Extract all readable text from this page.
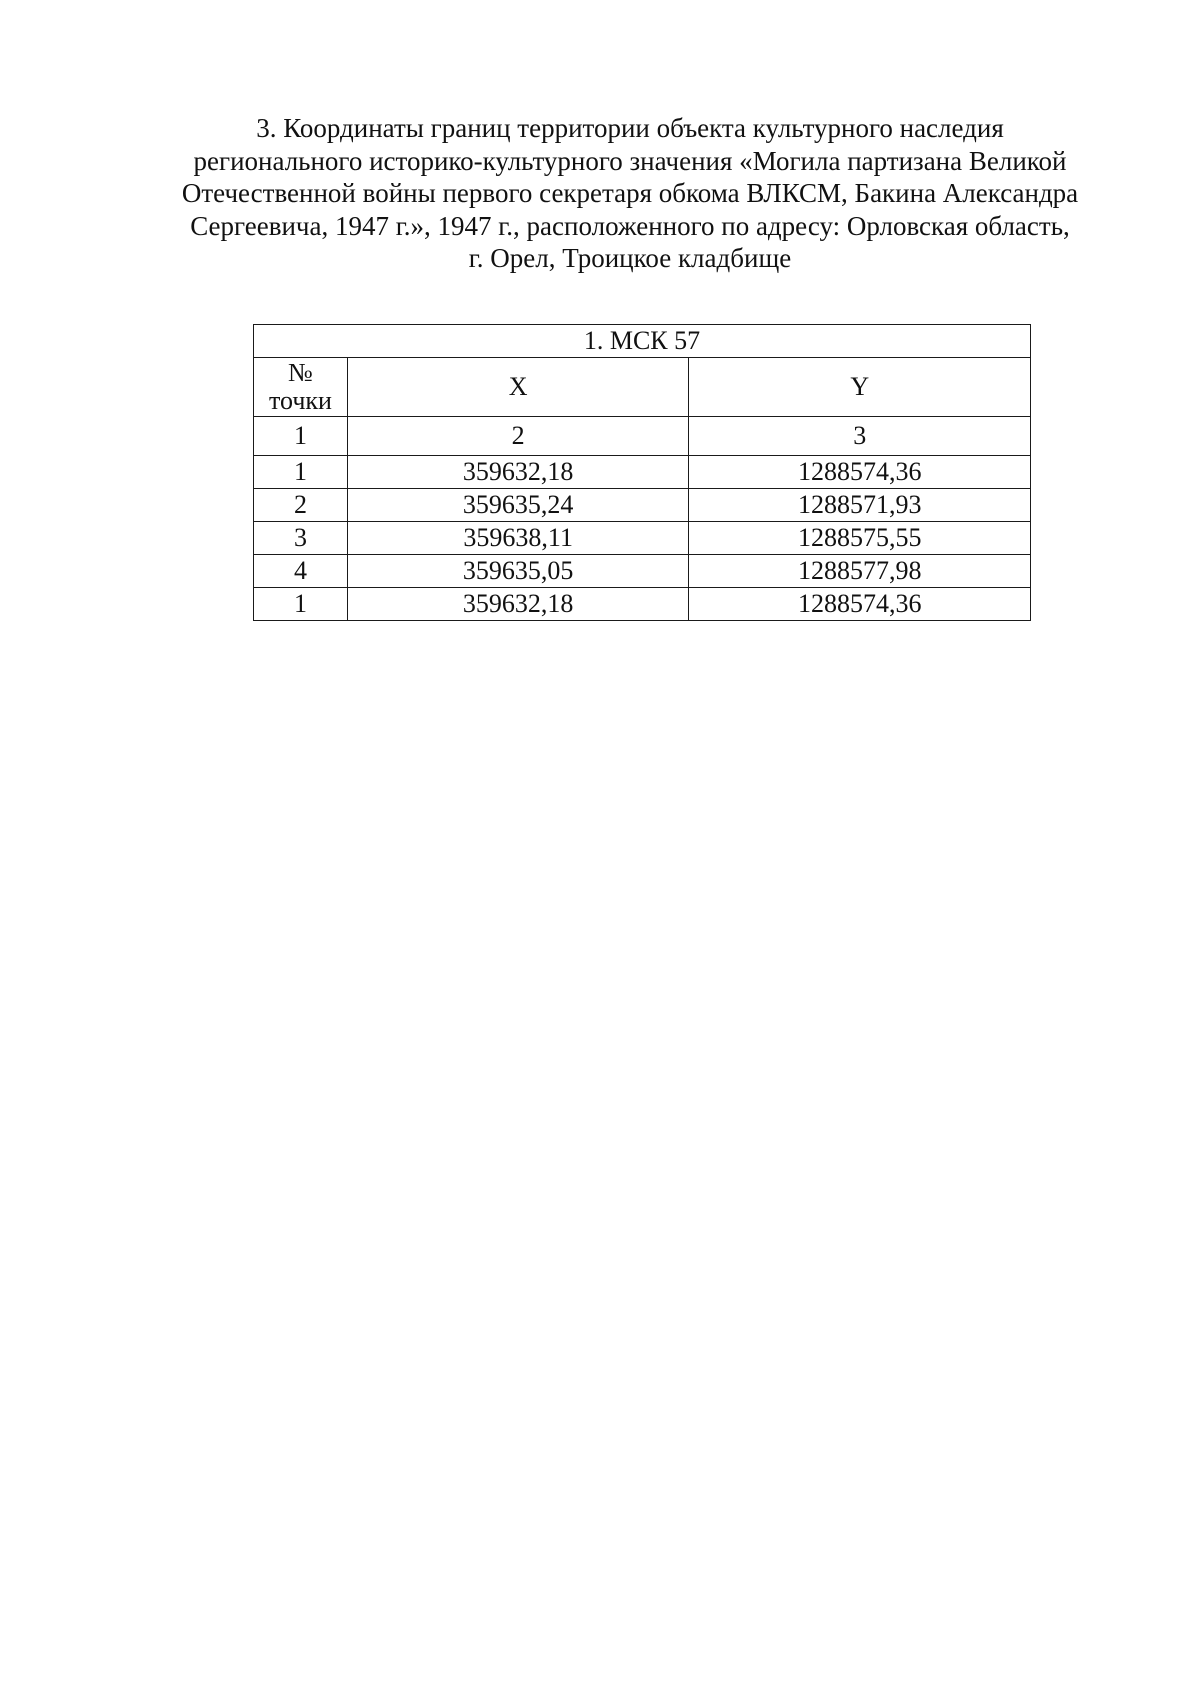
3. Координаты границ территории объекта культурного наследия
регионального историко-культурного значения «Могила партизана Великой
Отечественной войны первого секретаря обкома ВЛКСМ, Бакина Александра
Сергеевича, 1947 г.», 1947 г., расположенного по адресу: Орловская область,
г. Орел, Троицкое кладбище
1. МСК 57		

№
точки	X	Y
1	2	3
1	359632,18	1288574,36
2	359635,24	1288571,93
3	359638,11	1288575,55
4	359635,05	1288577,98
1	359632,18	1288574,36
